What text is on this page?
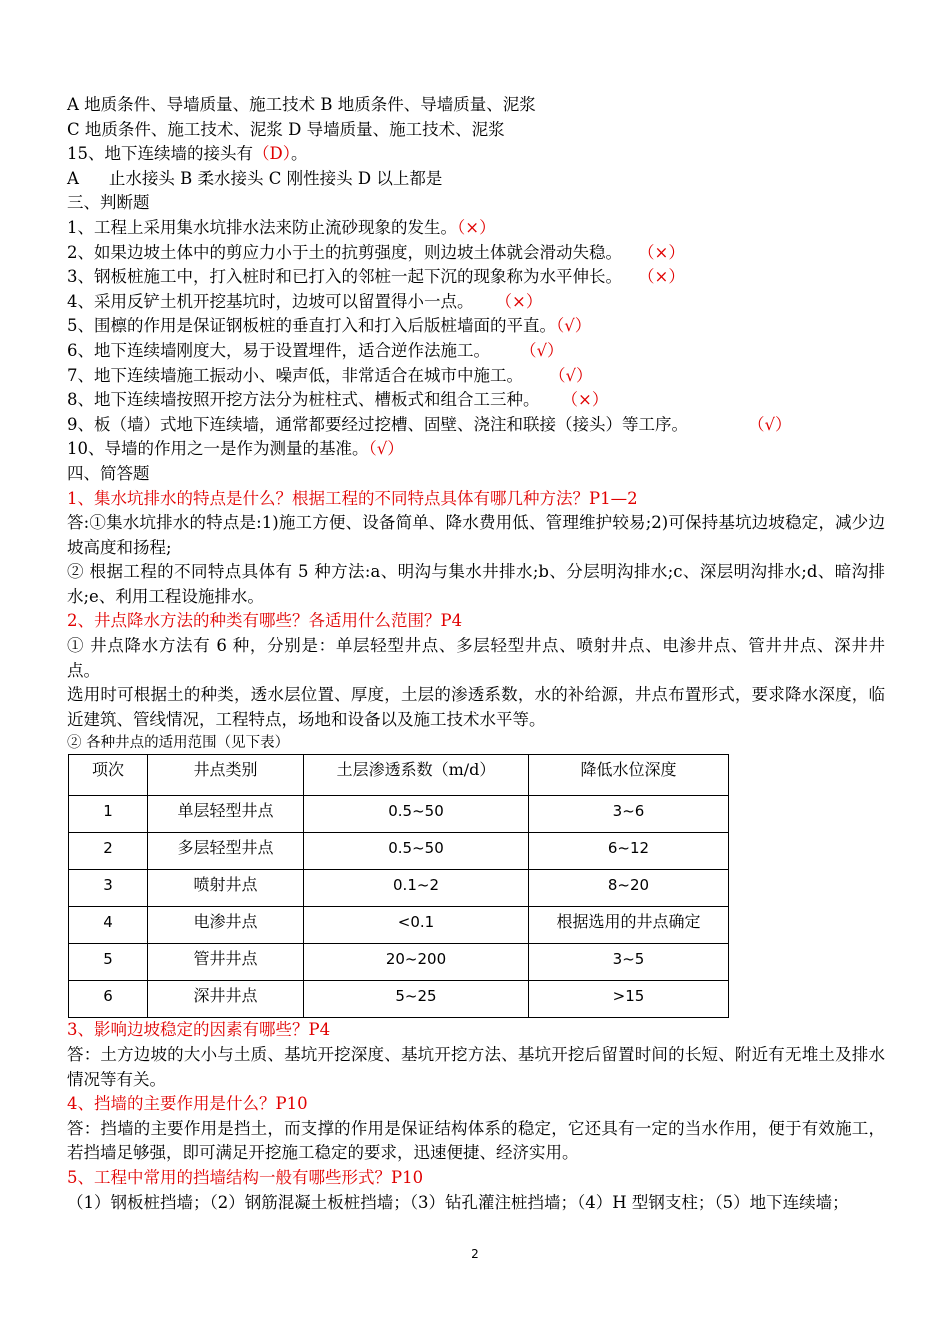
A 地质条件、导墙质量、施工技术 B 地质条件、导墙质量、泥浆
C 地质条件、施工技术、泥浆 D 导墙质量、施工技术、泥浆
15、地下连续墙的接头有（D）。
A 止水接头 B 柔水接头 C 刚性接头 D 以上都是
三、判断题
1、工程上采用集水坑排水法来防止流砂现象的发生。（×）
2、如果边坡土体中的剪应力小于土的抗剪强度，则边坡土体就会滑动失稳。 （×）
3、钢板桩施工中，打入桩时和已打入的邻桩一起下沉的现象称为水平伸长。 （×）
4、采用反铲土机开挖基坑时，边坡可以留置得小一点。 （×）
5、围檩的作用是保证钢板桩的垂直打入和打入后版桩墙面的平直。（√）
6、地下连续墙刚度大，易于设置埋件，适合逆作法施工。 （√）
7、地下连续墙施工振动小、噪声低，非常适合在城市中施工。 （√）
8、地下连续墙按照开挖方法分为桩柱式、槽板式和组合工三种。 （×）
9、板（墙）式地下连续墙，通常都要经过挖槽、固壁、浇注和联接（接头）等工序。	（√）
10、导墙的作用之一是作为测量的基准。（√）
四、简答题
1、集水坑排水的特点是什么？根据工程的不同特点具体有哪几种方法？P1—2
答:①集水坑排水的特点是:1)施工方便、设备简单、降水费用低、管理维护较易;2)可保持基坑边坡稳定，减少边坡高度和扬程;
② 根据工程的不同特点具体有 5 种方法:a、明沟与集水井排水;b、分层明沟排水;c、深层明沟排水;d、暗沟排水;e、利用工程设施排水。
2、井点降水方法的种类有哪些？各适用什么范围？P4
① 井点降水方法有 6 种，分别是：单层轻型井点、多层轻型井点、喷射井点、电渗井点、管井井点、深井井点。
选用时可根据土的种类，透水层位置、厚度，土层的渗透系数，水的补给源，井点布置形式，要求降水深度，临近建筑、管线情况，工程特点，场地和设备以及施工技术水平等。
② 各种井点的适用范围（见下表）
项次	井点类别	土层渗透系数（m/d）	降低水位深度
1	单层轻型井点	0.5~50	3~6
2	多层轻型井点	0.5~50	6~12
3	喷射井点	0.1~2	8~20
4	电渗井点	<0.1	根据选用的井点确定
5	管井井点	20~200	3~5
6	深井井点	5~25	>15
3、影响边坡稳定的因素有哪些？P4
答：土方边坡的大小与土质、基坑开挖深度、基坑开挖方法、基坑开挖后留置时间的长短、附近有无堆土及排水情况等有关。
4、挡墙的主要作用是什么？P10
答：挡墙的主要作用是挡土，而支撑的作用是保证结构体系的稳定，它还具有一定的当水作用，便于有效施工，若挡墙足够强，即可满足开挖施工稳定的要求，迅速便捷、经济实用。
5、工程中常用的挡墙结构一般有哪些形式？P10
（1）钢板桩挡墙；（2）钢筋混凝土板桩挡墙；（3）钻孔灌注桩挡墙；（4）H 型钢支柱；（5）地下连续墙；
2
